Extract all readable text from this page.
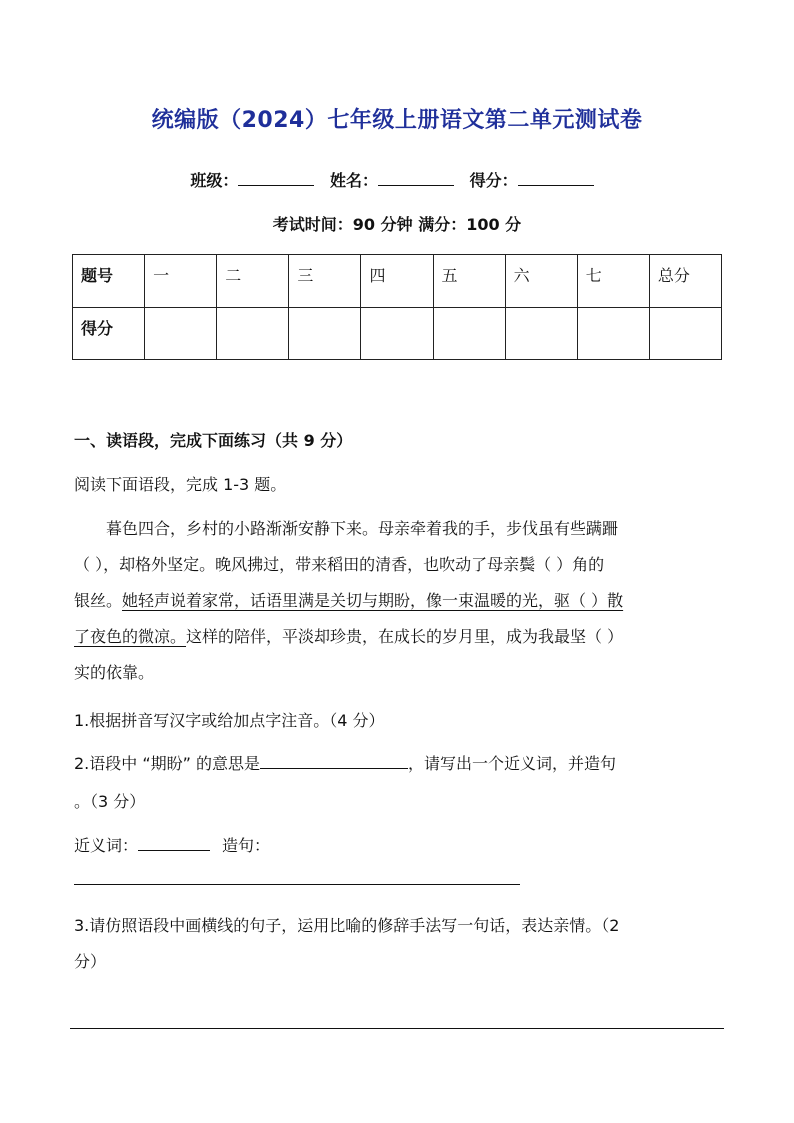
统编版（2024）七年级上册语文第二单元测试卷
班级：	姓名：	得分：
考试时间：90 分钟 满分：100 分
题号	一	二	三	四	五	六	七	总分
得分								
一、读语段，完成下面练习（共 9 分）
阅读下面语段，完成 1-3 题。
暮色四合，乡村的小路渐渐安静下来。母亲牵着我的手，步伐虽有些蹒跚
（ ），却格外坚定。晚风拂过，带来稻田的清香，也吹动了母亲鬓（ ）角的
银丝。她轻声说着家常，话语里满是关切与期盼，像一束温暖的光，驱（ ）散
了夜色的微凉。这样的陪伴，平淡却珍贵，在成长的岁月里，成为我最坚（ ）
实的依靠。
1.根据拼音写汉字或给加点字注音。（4 分）
2.语段中 “期盼” 的意思是	，请写出一个近义词，并造句
。（3 分）
近义词：	造句：
3.请仿照语段中画横线的句子，运用比喻的修辞手法写一句话，表达亲情。（2
分）
